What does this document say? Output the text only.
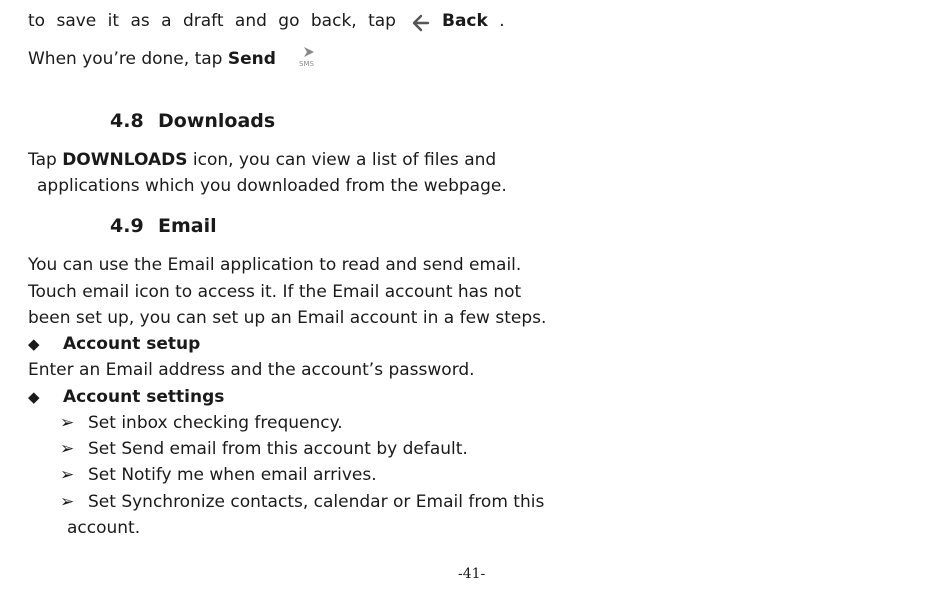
to save it as a draft and go back, tap	Back .
When you’re done, tap Send	SMS
4.8 Downloads
Tap DOWNLOADS icon, you can view a list of files and
applications which you downloaded from the webpage.
4.9 Email
You can use the Email application to read and send email.
Touch email icon to access it. If the Email account has not
been set up, you can set up an Email account in a few steps.
◆ Account setup
Enter an Email address and the account’s password.
◆ Account settings
➢ Set inbox checking frequency.
➢ Set Send email from this account by default.
➢ Set Notify me when email arrives.
➢ Set Synchronize contacts, calendar or Email from this
account.
-41-
